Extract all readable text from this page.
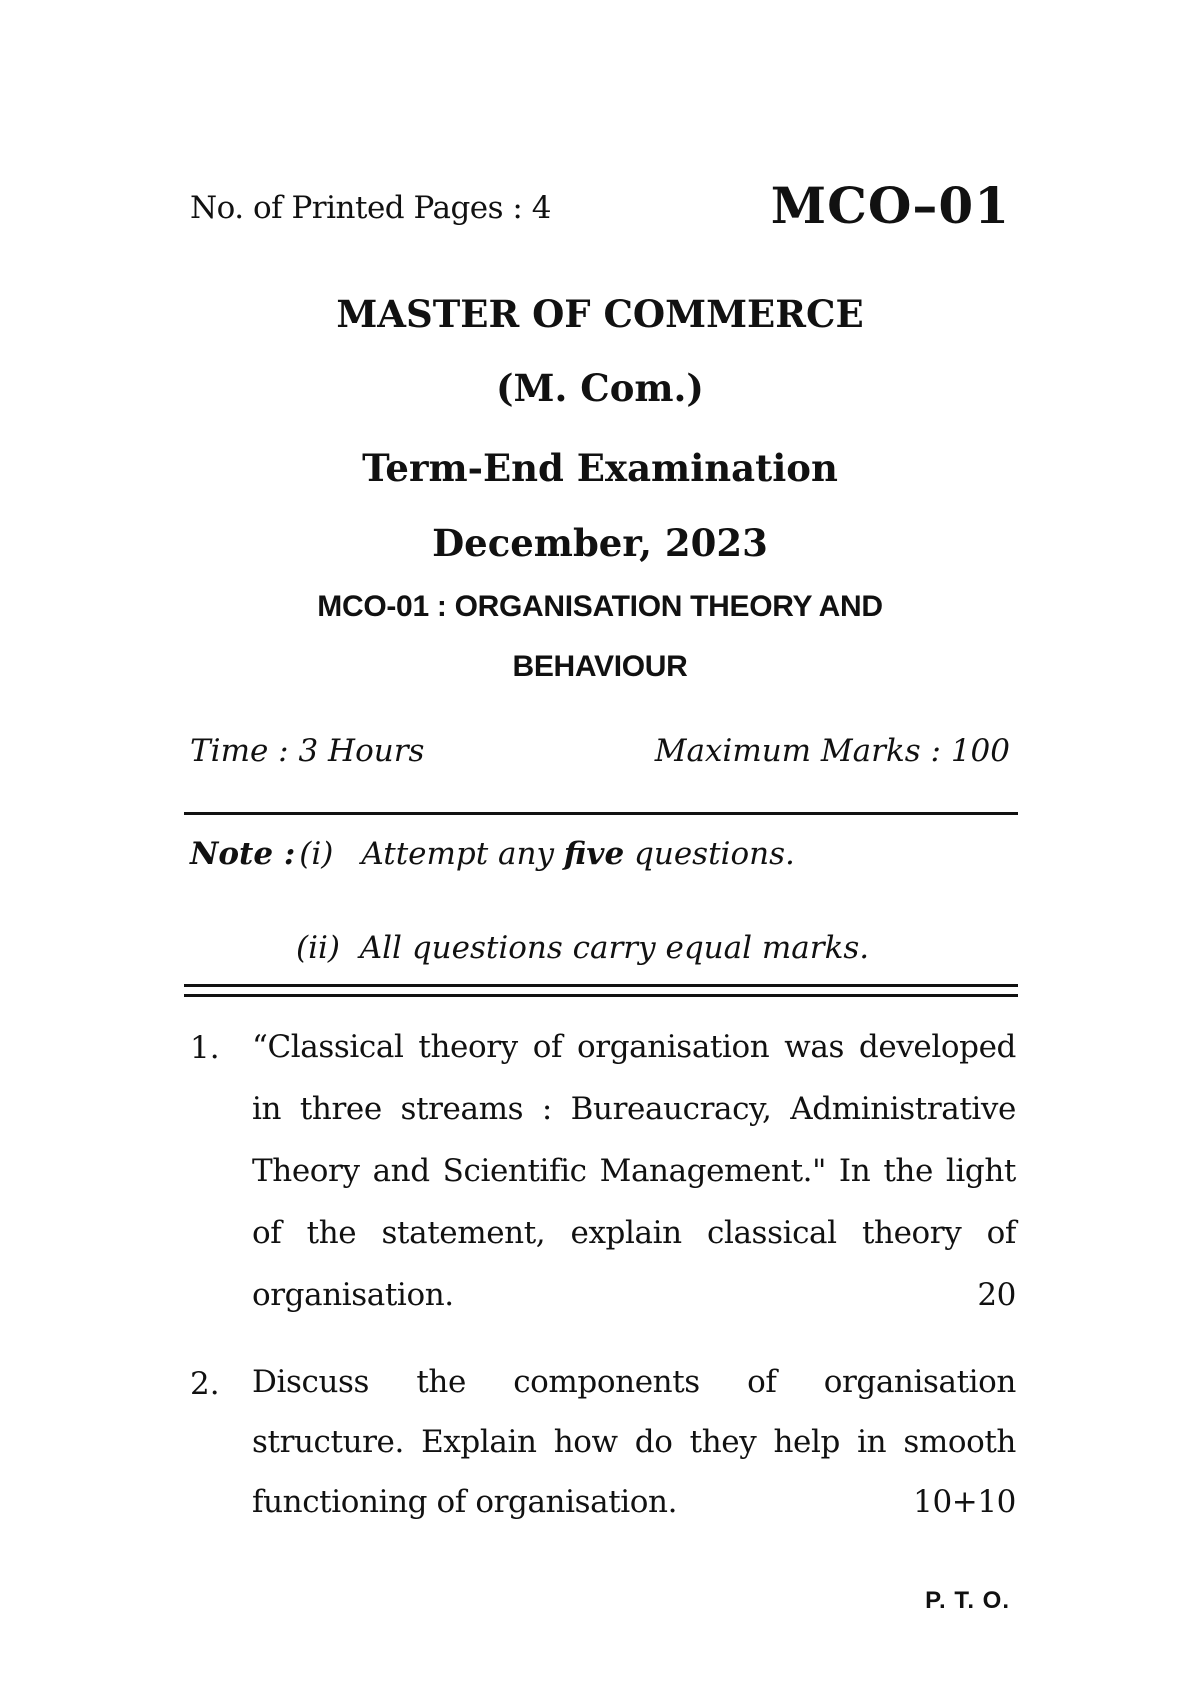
No. of Printed Pages : 4	MCO–01
MASTER OF COMMERCE
(M. Com.)
Term-End Examination
December, 2023
MCO-01 : ORGANISATION THEORY AND
BEHAVIOUR
Time : 3 Hours	Maximum Marks : 100
Note : (i) Attempt any five questions.
(ii) All questions carry equal marks.
1. “Classical theory of organisation was developed in three streams : Bureaucracy, Administrative Theory and Scientific Management." In the light of the statement, explain classical theory of organisation.	20
2. Discuss the components of organisation structure. Explain how do they help in smooth functioning of organisation.	10+10
P. T. O.
